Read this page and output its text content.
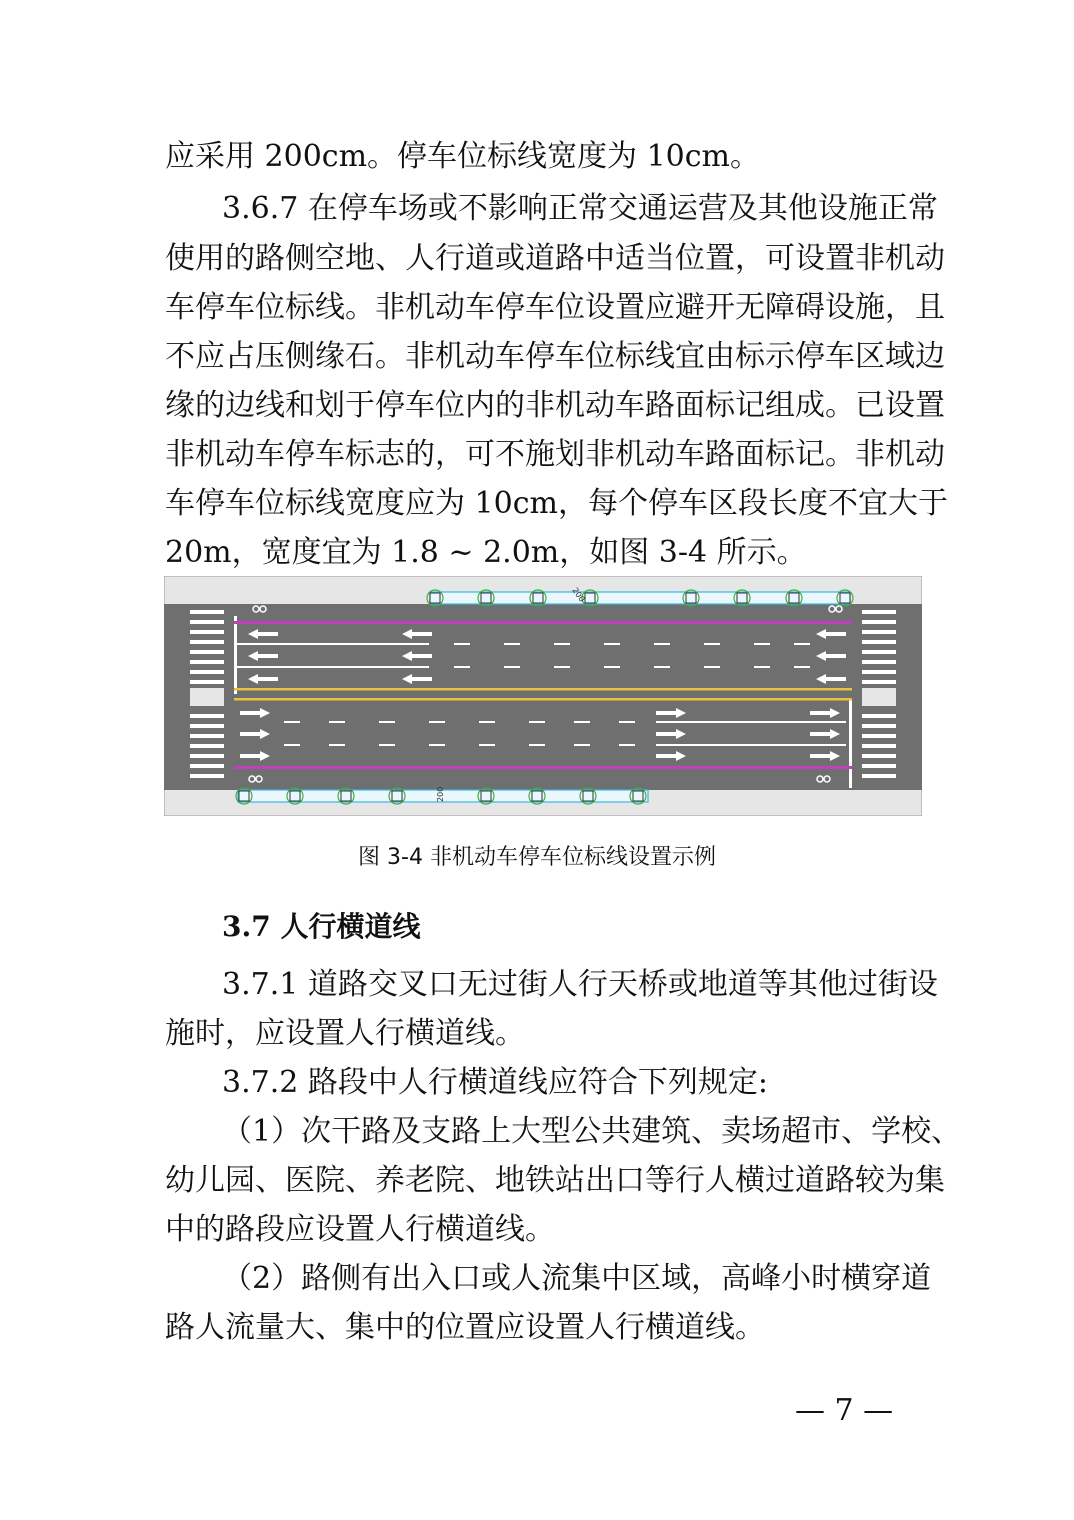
应采用 200cm。停车位标线宽度为 10cm。
3.6.7 在停车场或不影响正常交通运营及其他设施正常
使用的路侧空地、人行道或道路中适当位置，可设置非机动
车停车位标线。非机动车停车位设置应避开无障碍设施，且
不应占压侧缘石。非机动车停车位标线宜由标示停车区域边
缘的边线和划于停车位内的非机动车路面标记组成。已设置
非机动车停车标志的，可不施划非机动车路面标记。非机动
车停车位标线宽度应为 10cm，每个停车区段长度不宜大于
20m，宽度宜为 1.8 ~ 2.0m，如图 3-4 所示。
200
200
图 3-4 非机动车停车位标线设置示例
3.7 人行横道线
3.7.1 道路交叉口无过街人行天桥或地道等其他过街设
施时，应设置人行横道线。
3.7.2 路段中人行横道线应符合下列规定:
（1）次干路及支路上大型公共建筑、卖场超市、学校、
幼儿园、医院、养老院、地铁站出口等行人横过道路较为集
中的路段应设置人行横道线。
（2）路侧有出入口或人流集中区域，高峰小时横穿道
路人流量大、集中的位置应设置人行横道线。
— 7 —
